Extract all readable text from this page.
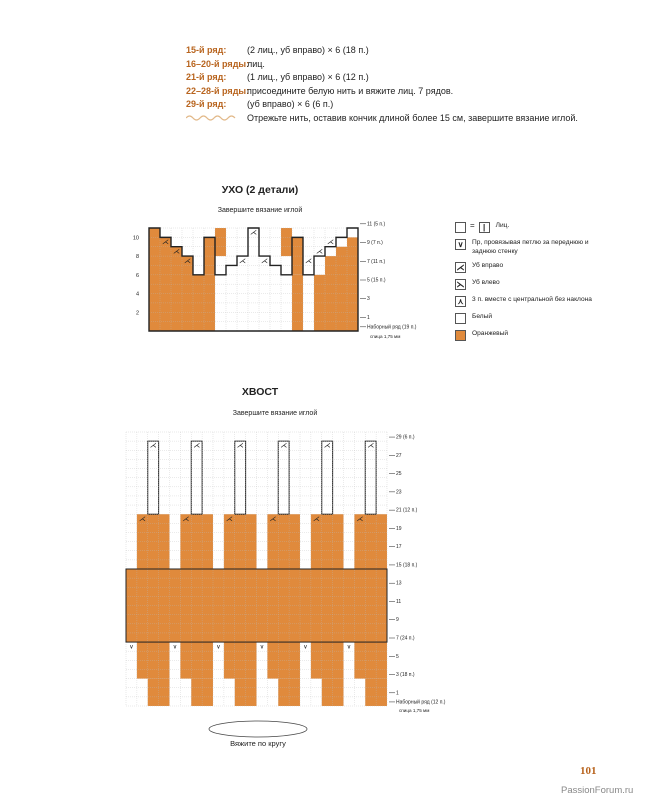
15-й ряд:	(2 лиц., уб вправо) × 6 (18 п.)
16–20-й ряды:
лиц.
21-й ряд:	(1 лиц., уб вправо) × 6 (12 п.)
22–28-й ряды:
присоедините белую нить и вяжите лиц. 7 рядов.
29-й ряд:	(уб вправо) × 6 (6 п.)
Отрежьте нить, оставив кончик длиной более 15 см, завершите вязание иглой.
УХО (2 детали)
Завершите вязание иглой
ХВОСТ
Завершите вязание иглой
10
8
6
4
2
11 (5 п.)
9 (7 п.)
7 (11 п.)
5 (15 п.)
3
1
Наборный ряд (19 п.)
спица 1,75 мм
⋌
⋌
⋌	⋌
⋌
⋌
⋌
⋌ ⋌
29 (6 п.)
27
25
23
21 (12 п.)
19
17
15 (18 п.)
13
11
9
7 (24 п.)
5
3 (18 п.)
1
Наборный ряд (12 п.)
спица 1,75 мм
⋌
⋌
∨
⋌
⋌
∨
⋌
⋌
∨
⋌
⋌
∨
⋌
⋌
∨
⋌
⋌
∨
Вяжите по кругу
=	|	Лиц.
∨	Пр, провязывая петлю за переднюю и заднюю стенку
⋌ Уб вправо
⋋ Уб влево
⋏	3 п. вместе с центральной без наклона
Белый
Оранжевый
101
PassionForum.ru
